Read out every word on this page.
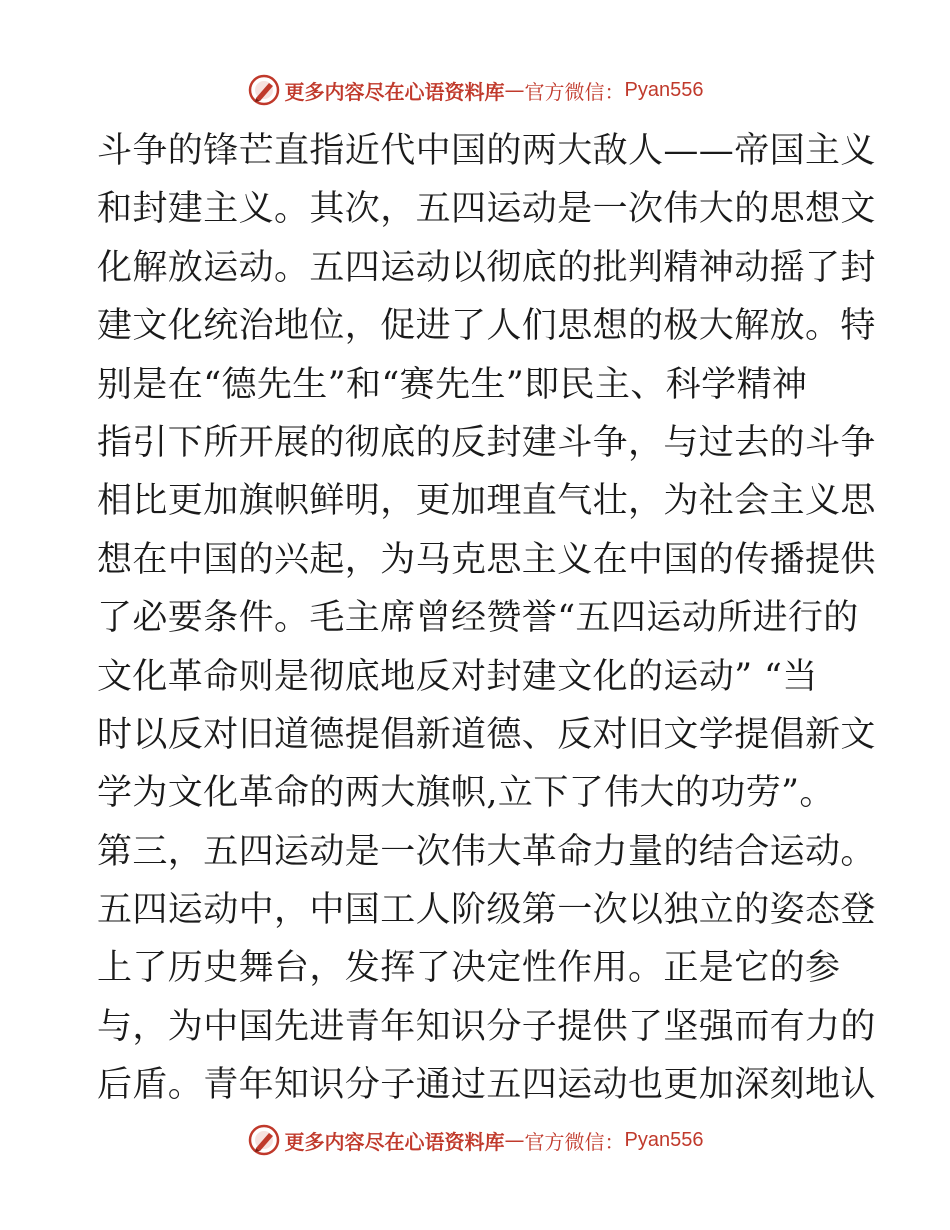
更多内容尽在心语资料库 — 官方微信： Pyan556
斗争的锋芒直指近代中国的两大敌人——帝国主义
和封建主义。其次，五四运动是一次伟大的思想文
化解放运动。五四运动以彻底的批判精神动摇了封
建文化统治地位，促进了人们思想的极大解放。特
别是在“德先生”和“赛先生”即民主、科学精神
指引下所开展的彻底的反封建斗争，与过去的斗争
相比更加旗帜鲜明，更加理直气壮，为社会主义思
想在中国的兴起，为马克思主义在中国的传播提供
了必要条件。毛主席曾经赞誉“五四运动所进行的
文化革命则是彻底地反对封建文化的运动” “当
时以反对旧道德提倡新道德、反对旧文学提倡新文
学为文化革命的两大旗帜,立下了伟大的功劳”。
第三，五四运动是一次伟大革命力量的结合运动。
五四运动中，中国工人阶级第一次以独立的姿态登
上了历史舞台，发挥了决定性作用。正是它的参
与，为中国先进青年知识分子提供了坚强而有力的
后盾。青年知识分子通过五四运动也更加深刻地认
更多内容尽在心语资料库 — 官方微信： Pyan556
